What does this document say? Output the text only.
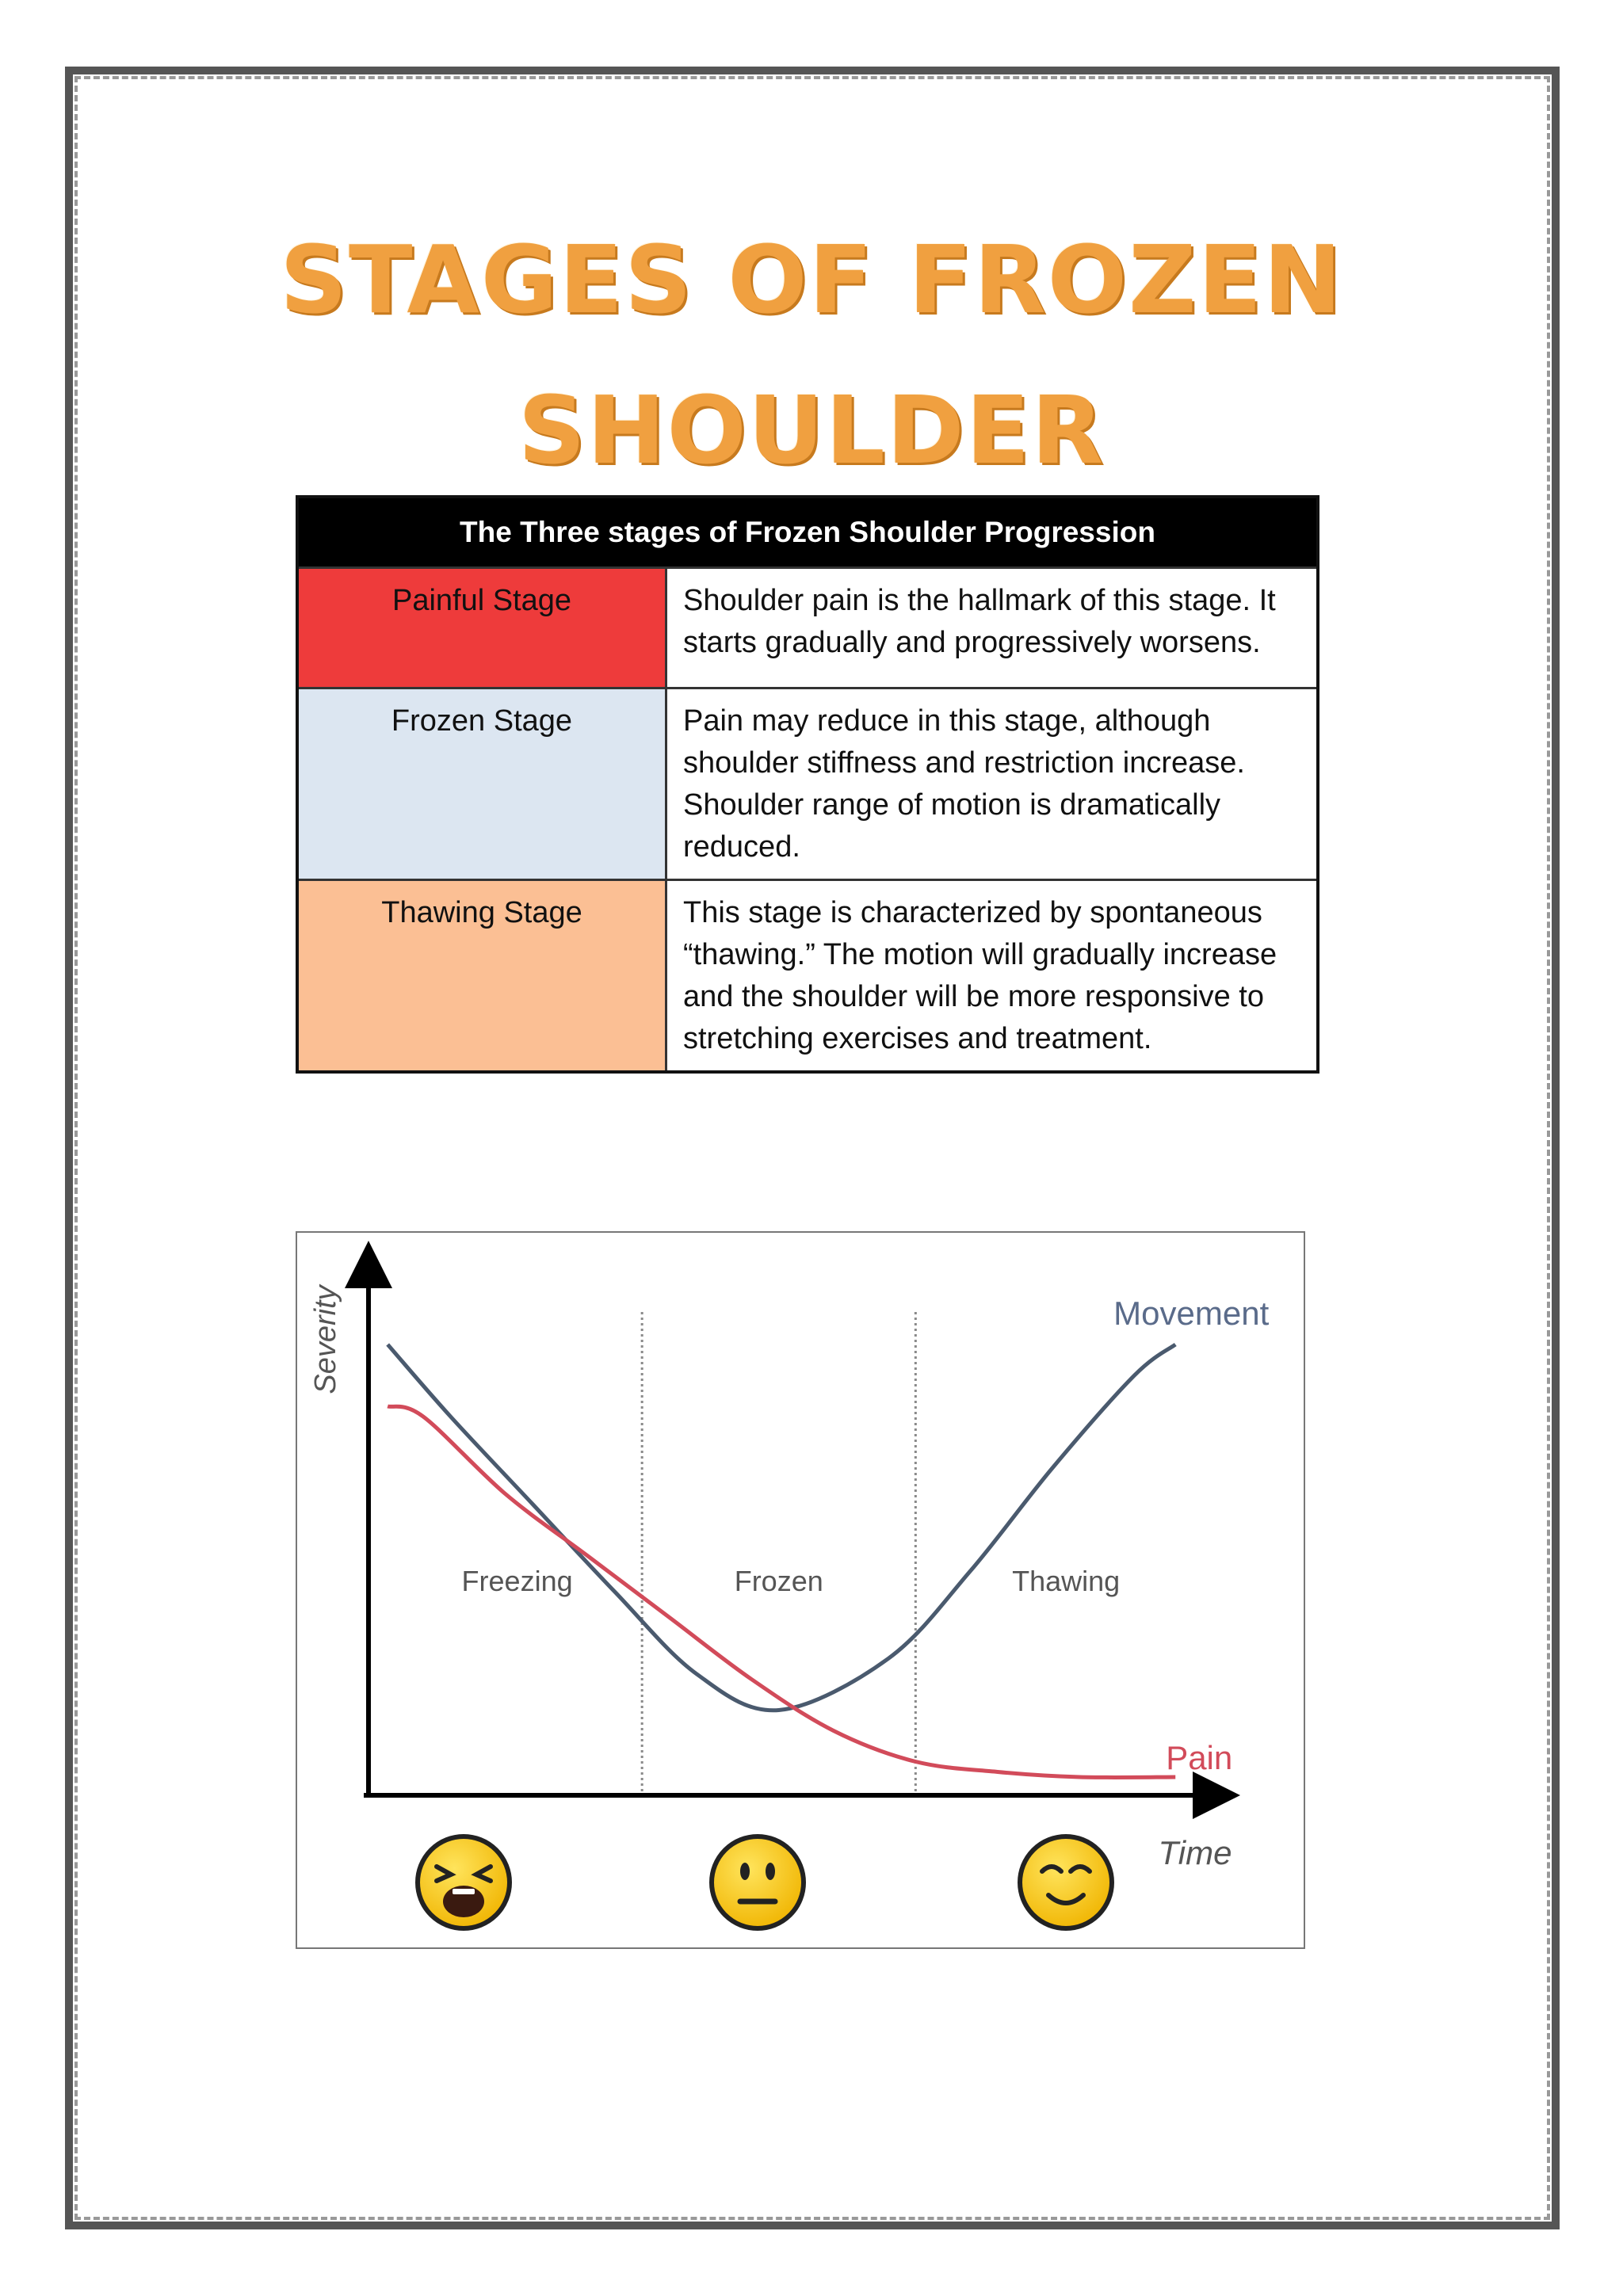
STAGES OF FROZEN
SHOULDER
The Three stages of Frozen Shoulder Progression	
Painful Stage	Shoulder pain is the hallmark of this stage. It starts gradually and progressively worsens.
Frozen Stage	Pain may reduce in this stage, although shoulder stiffness and restriction increase. Shoulder range of motion is dramatically reduced.
Thawing Stage	This stage is characterized by spontaneous “thawing.” The motion will gradually increase and the shoulder will be more responsive to stretching exercises and treatment.
Severity
Time
Freezing	Frozen	Thawing
Movement
Pain
